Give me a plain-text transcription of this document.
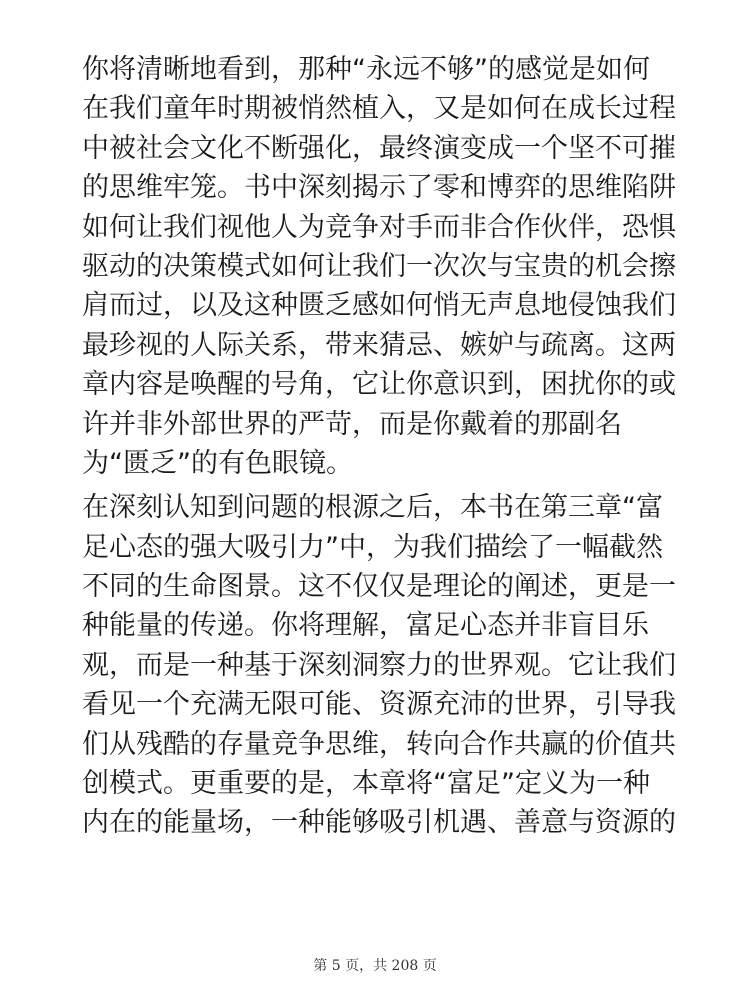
你将清晰地看到，那种“永远不够”的感觉是如何
在我们童年时期被悄然植入，又是如何在成长过程
中被社会文化不断强化，最终演变成一个坚不可摧
的思维牢笼。书中深刻揭示了零和博弈的思维陷阱
如何让我们视他人为竞争对手而非合作伙伴，恐惧
驱动的决策模式如何让我们一次次与宝贵的机会擦
肩而过，以及这种匮乏感如何悄无声息地侵蚀我们
最珍视的人际关系，带来猜忌、嫉妒与疏离。这两
章内容是唤醒的号角，它让你意识到，困扰你的或
许并非外部世界的严苛，而是你戴着的那副名
为“匮乏”的有色眼镜。

在深刻认知到问题的根源之后，本书在第三章“富
足心态的强大吸引力”中，为我们描绘了一幅截然
不同的生命图景。这不仅仅是理论的阐述，更是一
种能量的传递。你将理解，富足心态并非盲目乐
观，而是一种基于深刻洞察力的世界观。它让我们
看见一个充满无限可能、资源充沛的世界，引导我
们从残酷的存量竞争思维，转向合作共赢的价值共
创模式。更重要的是，本章将“富足”定义为一种
内在的能量场，一种能够吸引机遇、善意与资源的

第 5 页，共 208 页
